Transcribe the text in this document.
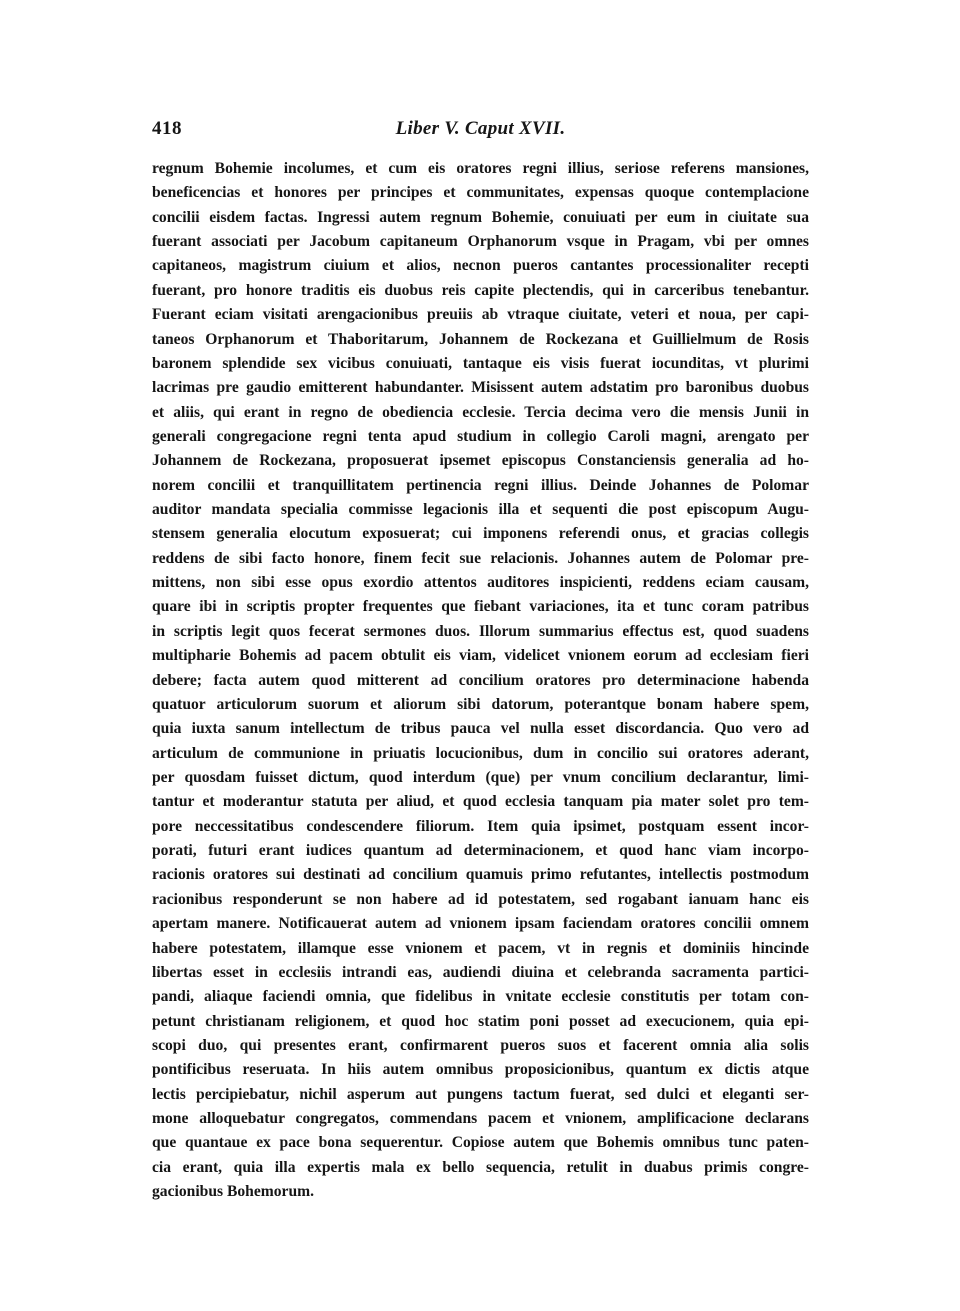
418	Liber V. Caput XVII.
regnum Bohemie incolumes, et cum eis oratores regni illius, seriose referens mansiones,
beneficencias et honores per principes et communitates, expensas quoque contemplacione
concilii eisdem factas. Ingressi autem regnum Bohemie, conuiuati per eum in ciuitate sua
fuerant associati per Jacobum capitaneum Orphanorum vsque in Pragam, vbi per omnes
capitaneos, magistrum ciuium et alios, necnon pueros cantantes processionaliter recepti
fuerant, pro honore traditis eis duobus reis capite plectendis, qui in carceribus tenebantur.
Fuerant eciam visitati arengacionibus preuiis ab vtraque ciuitate, veteri et noua, per capi-
taneos Orphanorum et Thaboritarum, Johannem de Rockezana et Guillielmum de Rosis
baronem splendide sex vicibus conuiuati, tantaque eis visis fuerat iocunditas, vt plurimi
lacrimas pre gaudio emitterent habundanter. Misissent autem adstatim pro baronibus duobus
et aliis, qui erant in regno de obediencia ecclesie. Tercia decima vero die mensis Junii in
generali congregacione regni tenta apud studium in collegio Caroli magni, arengato per
Johannem de Rockezana, proposuerat ipsemet episcopus Constanciensis generalia ad ho-
norem concilii et tranquillitatem pertinencia regni illius. Deinde Johannes de Polomar
auditor mandata specialia commisse legacionis illa et sequenti die post episcopum Augu-
stensem generalia elocutum exposuerat; cui imponens referendi onus, et gracias collegis
reddens de sibi facto honore, finem fecit sue relacionis. Johannes autem de Polomar pre-
mittens, non sibi esse opus exordio attentos auditores inspicienti, reddens eciam causam,
quare ibi in scriptis propter frequentes que fiebant variaciones, ita et tunc coram patribus
in scriptis legit quos fecerat sermones duos. Illorum summarius effectus est, quod suadens
multipharie Bohemis ad pacem obtulit eis viam, videlicet vnionem eorum ad ecclesiam fieri
debere; facta autem quod mitterent ad concilium oratores pro determinacione habenda
quatuor articulorum suorum et aliorum sibi datorum, poterantque bonam habere spem,
quia iuxta sanum intellectum de tribus pauca vel nulla esset discordancia. Quo vero ad
articulum de communione in priuatis locucionibus, dum in concilio sui oratores aderant,
per quosdam fuisset dictum, quod interdum (que) per vnum concilium declarantur, limi-
tantur et moderantur statuta per aliud, et quod ecclesia tanquam pia mater solet pro tem-
pore neccessitatibus condescendere filiorum. Item quia ipsimet, postquam essent incor-
porati, futuri erant iudices quantum ad determinacionem, et quod hanc viam incorpo-
racionis oratores sui destinati ad concilium quamuis primo refutantes, intellectis postmodum
racionibus responderunt se non habere ad id potestatem, sed rogabant ianuam hanc eis
apertam manere. Notificauerat autem ad vnionem ipsam faciendam oratores concilii omnem
habere potestatem, illamque esse vnionem et pacem, vt in regnis et dominiis hincinde
libertas esset in ecclesiis intrandi eas, audiendi diuina et celebranda sacramenta partici-
pandi, aliaque faciendi omnia, que fidelibus in vnitate ecclesie constitutis per totam con-
petunt christianam religionem, et quod hoc statim poni posset ad execucionem, quia epi-
scopi duo, qui presentes erant, confirmarent pueros suos et facerent omnia alia solis
pontificibus reseruata. In hiis autem omnibus proposicionibus, quantum ex dictis atque
lectis percipiebatur, nichil asperum aut pungens tactum fuerat, sed dulci et eleganti ser-
mone alloquebatur congregatos, commendans pacem et vnionem, amplificacione declarans
que quantaue ex pace bona sequerentur. Copiose autem que Bohemis omnibus tunc paten-
cia erant, quia illa expertis mala ex bello sequencia, retulit in duabus primis congre-
gacionibus Bohemorum.
